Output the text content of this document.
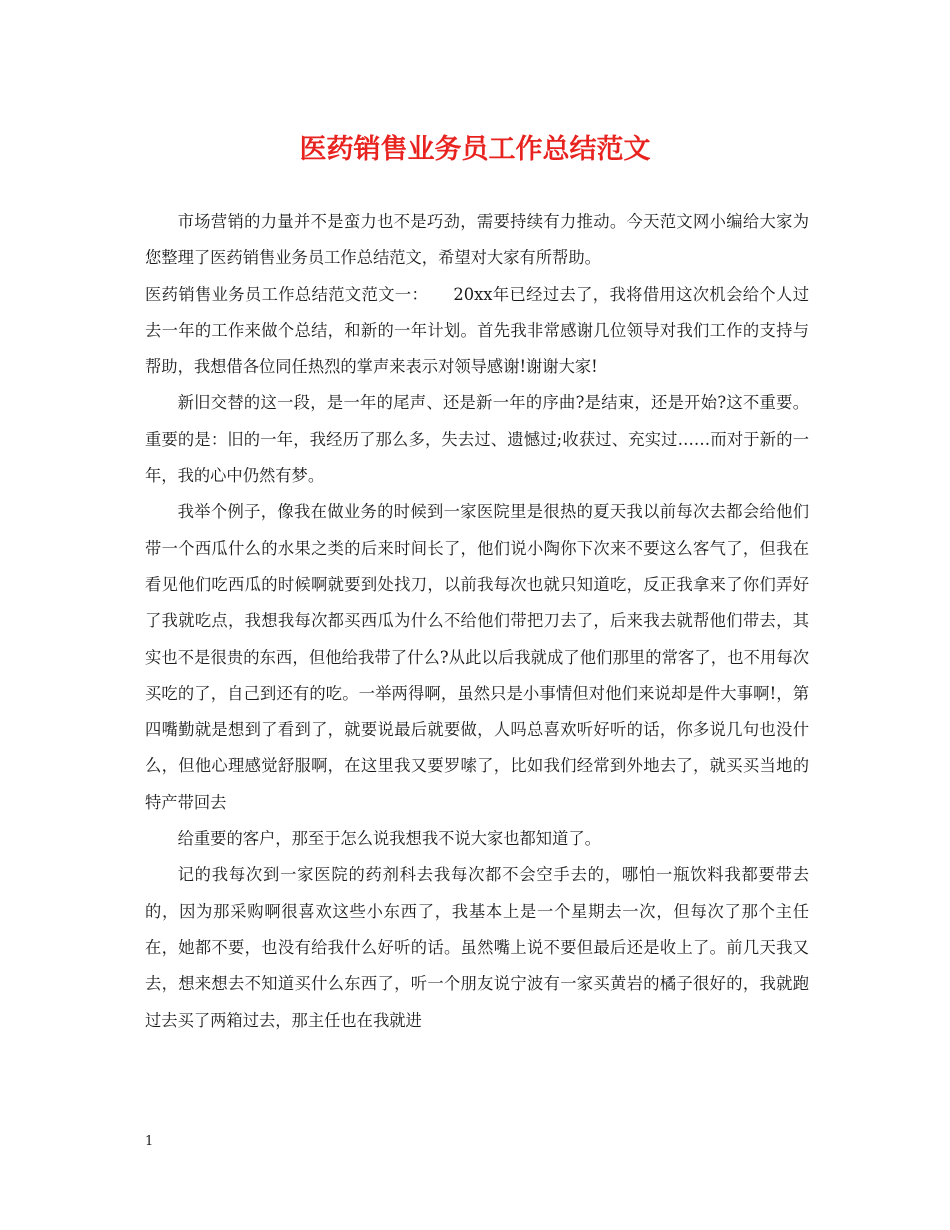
医药销售业务员工作总结范文

市场营销的力量并不是蛮力也不是巧劲，需要持续有力推动。今天范文网小编给大家为您整理了医药销售业务员工作总结范文，希望对大家有所帮助。

医药销售业务员工作总结范文范文一：　　20xx年已经过去了，我将借用这次机会给个人过去一年的工作来做个总结，和新的一年计划。首先我非常感谢几位领导对我们工作的支持与帮助，我想借各位同任热烈的掌声来表示对领导感谢!谢谢大家!

新旧交替的这一段，是一年的尾声、还是新一年的序曲?是结束，还是开始?这不重要。重要的是：旧的一年，我经历了那么多，失去过、遗憾过;收获过、充实过……而对于新的一年，我的心中仍然有梦。

我举个例子，像我在做业务的时候到一家医院里是很热的夏天我以前每次去都会给他们带一个西瓜什么的水果之类的后来时间长了，他们说小陶你下次来不要这么客气了，但我在看见他们吃西瓜的时候啊就要到处找刀，以前我每次也就只知道吃，反正我拿来了你们弄好了我就吃点，我想我每次都买西瓜为什么不给他们带把刀去了，后来我去就帮他们带去，其实也不是很贵的东西，但他给我带了什么?从此以后我就成了他们那里的常客了，也不用每次买吃的了，自己到还有的吃。一举两得啊，虽然只是小事情但对他们来说却是件大事啊!，第四嘴勤就是想到了看到了，就要说最后就要做，人吗总喜欢听好听的话，你多说几句也没什么，但他心理感觉舒服啊，在这里我又要罗嗦了，比如我们经常到外地去了，就买买当地的特产带回去

给重要的客户，那至于怎么说我想我不说大家也都知道了。

记的我每次到一家医院的药剂科去我每次都不会空手去的，哪怕一瓶饮料我都要带去的，因为那采购啊很喜欢这些小东西了，我基本上是一个星期去一次，但每次了那个主任在，她都不要，也没有给我什么好听的话。虽然嘴上说不要但最后还是收上了。前几天我又去，想来想去不知道买什么东西了，听一个朋友说宁波有一家买黄岩的橘子很好的，我就跑过去买了两箱过去，那主任也在我就进

1
